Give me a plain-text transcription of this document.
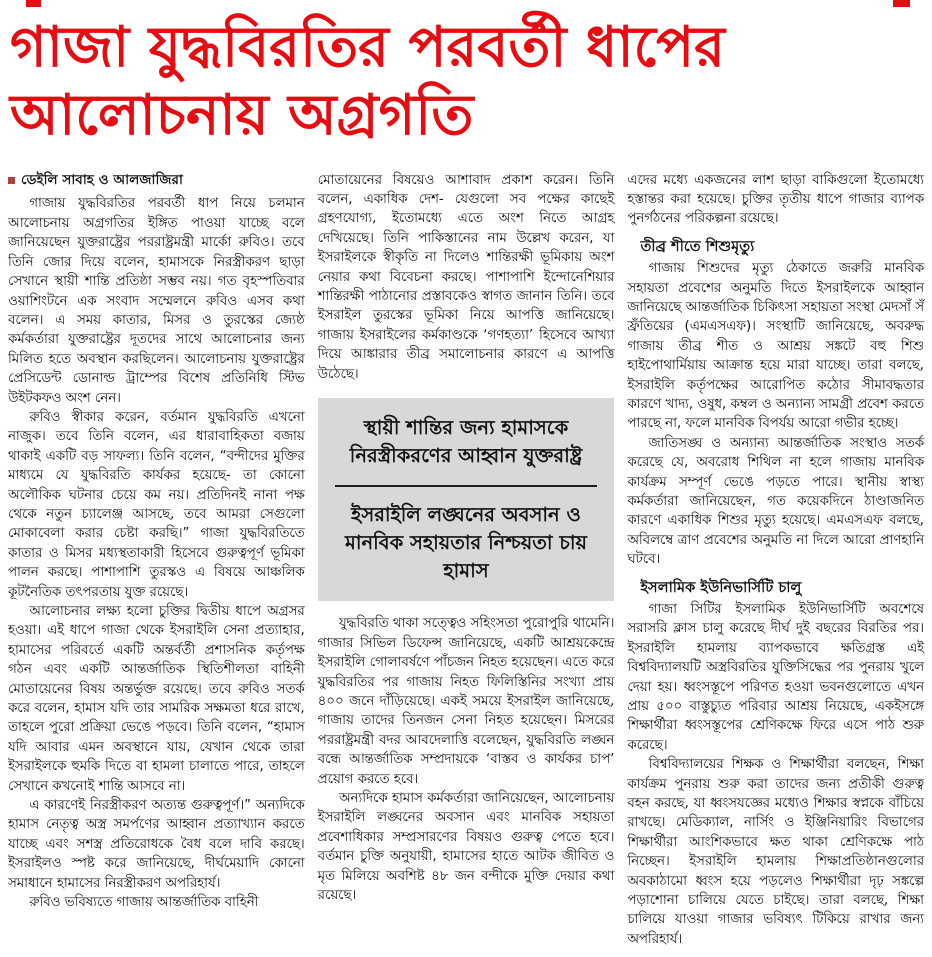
গাজা যুদ্ধবিরতির পরবর্তী ধাপের
আলোচনায় অগ্রগতি
ডেইলি সাবাহ ও আলজাজিরা

গাজায় যুদ্ধবিরতির পরবর্তী ধাপ নিয়ে চলমান আলোচনায় অগ্রগতির ইঙ্গিত পাওয়া যাচ্ছে বলে জানিয়েছেন যুক্তরাষ্ট্রের পররাষ্ট্রমন্ত্রী মার্কো রুবিও। তবে তিনি জোর দিয়ে বলেন, হামাসকে নিরস্ত্রীকরণ ছাড়া সেখানে স্থায়ী শান্তি প্রতিষ্ঠা সম্ভব নয়। গত বৃহস্পতিবার ওয়াশিংটনে এক সংবাদ সম্মেলনে রুবিও এসব কথা বলেন। এ সময় কাতার, মিসর ও তুরস্কের জ্যেষ্ঠ কর্মকর্তারা যুক্তরাষ্ট্রের দূতদের সাথে আলোচনার জন্য মিলিত হতে অবস্থান করছিলেন। আলোচনায় যুক্তরাষ্ট্রের প্রেসিডেন্ট ডোনাল্ড ট্রাম্পের বিশেষ প্রতিনিধি স্টিভ উইটকফও অংশ নেন।

রুবিও স্বীকার করেন, বর্তমান যুদ্ধবিরতি এখনো নাজুক। তবে তিনি বলেন, এর ধারাবাহিকতা বজায় থাকাই একটি বড় সাফল্য। তিনি বলেন, “বন্দীদের মুক্তির মাধ্যমে যে যুদ্ধবিরতি কার্যকর হয়েছে- তা কোনো অলৌকিক ঘটনার চেয়ে কম নয়। প্রতিদিনই নানা পক্ষ থেকে নতুন চ্যালেঞ্জ আসছে, তবে আমরা সেগুলো মোকাবেলা করার চেষ্টা করছি।” গাজা যুদ্ধবিরতিতে কাতার ও মিসর মধ্যস্থতাকারী হিসেবে গুরুত্বপূর্ণ ভূমিকা পালন করছে। পাশাপাশি তুরস্কও এ বিষয়ে আঞ্চলিক কূটনৈতিক তৎপরতায় যুক্ত রয়েছে।

আলোচনার লক্ষ্য হলো চুক্তির দ্বিতীয় ধাপে অগ্রসর হওয়া। এই ধাপে গাজা থেকে ইসরাইলি সেনা প্রত্যাহার, হামাসের পরিবর্তে একটি অন্তর্বর্তী প্রশাসনিক কর্তৃপক্ষ গঠন এবং একটি আন্তর্জাতিক স্থিতিশীলতা বাহিনী মোতায়েনের বিষয় অন্তর্ভুক্ত রয়েছে। তবে রুবিও সতর্ক করে বলেন, হামাস যদি তার সামরিক সক্ষমতা ধরে রাখে, তাহলে পুরো প্রক্রিয়া ভেঙে পড়বে। তিনি বলেন, “হামাস যদি আবার এমন অবস্থানে যায়, যেখান থেকে তারা ইসরাইলকে হুমকি দিতে বা হামলা চালাতে পারে, তাহলে সেখানে কখনোই শান্তি আসবে না।

এ কারণেই নিরস্ত্রীকরণ অত্যন্ত গুরুত্বপূর্ণ।” অন্যদিকে হামাস নেতৃত্ব অস্ত্র সমর্পণের আহ্বান প্রত্যাখ্যান করতে যাচ্ছে এবং সশস্ত্র প্রতিরোধকে বৈধ বলে দাবি করছে। ইসরাইলও স্পষ্ট করে জানিয়েছে, দীর্ঘমেয়াদি কোনো সমাধানে হামাসের নিরস্ত্রীকরণ অপরিহার্য।

রুবিও ভবিষ্যতে গাজায় আন্তর্জাতিক বাহিনী

মোতায়েনের বিষয়েও আশাবাদ প্রকাশ করেন। তিনি বলেন, একাধিক দেশ- যেগুলো সব পক্ষের কাছেই গ্রহণযোগ্য, ইতোমধ্যে এতে অংশ নিতে আগ্রহ দেখিয়েছে। তিনি পাকিস্তানের নাম উল্লেখ করেন, যা ইসরাইলকে স্বীকৃতি না দিলেও শান্তিরক্ষী ভূমিকায় অংশ নেয়ার কথা বিবেচনা করছে। পাশাপাশি ইন্দোনেশিয়ার শান্তিরক্ষী পাঠানোর প্রস্তাবকেও স্বাগত জানান তিনি। তবে ইসরাইল তুরস্কের ভূমিকা নিয়ে আপত্তি জানিয়েছে। গাজায় ইসরাইলের কর্মকাণ্ডকে ‘গণহত্যা’ হিসেবে আখ্যা দিয়ে আঙ্কারার তীব্র সমালোচনার কারণে এ আপত্তি উঠেছে।

স্থায়ী শান্তির জন্য হামাসকে নিরস্ত্রীকরণের আহ্বান যুক্তরাষ্ট্র
ইসরাইলি লঙ্ঘনের অবসান ও মানবিক সহায়তার নিশ্চয়তা চায় হামাস

যুদ্ধবিরতি থাকা সত্ত্বেও সহিংসতা পুরোপুরি থামেনি। গাজার সিভিল ডিফেন্স জানিয়েছে, একটি আশ্রয়কেন্দ্রে ইসরাইলি গোলাবর্ষণে পাঁচজন নিহত হয়েছেন। এতে করে যুদ্ধবিরতির পর গাজায় নিহত ফিলিস্তিনির সংখ্যা প্রায় ৪০০ জনে দাঁড়িয়েছে। একই সময়ে ইসরাইল জানিয়েছে, গাজায় তাদের তিনজন সেনা নিহত হয়েছেন। মিসরের পররাষ্ট্রমন্ত্রী বদর আবদেলাত্তি বলেছেন, যুদ্ধবিরতি লঙ্ঘন বন্ধে আন্তর্জাতিক সম্প্রদায়কে ‘বাস্তব ও কার্যকর চাপ’ প্রয়োগ করতে হবে।

অন্যদিকে হামাস কর্মকর্তারা জানিয়েছেন, আলোচনায় ইসরাইলি লঙ্ঘনের অবসান এবং মানবিক সহায়তা প্রবেশাধিকার সম্প্রসারণের বিষয়ও গুরুত্ব পেতে হবে। বর্তমান চুক্তি অনুযায়ী, হামাসের হাতে আটক জীবিত ও মৃত মিলিয়ে অবশিষ্ট ৪৮ জন বন্দীকে মুক্তি দেয়ার কথা রয়েছে।

এদের মধ্যে একজনের লাশ ছাড়া বাকিগুলো ইতোমধ্যে হস্তান্তর করা হয়েছে। চুক্তির তৃতীয় ধাপে গাজার ব্যাপক পুনর্গঠনের পরিকল্পনা রয়েছে।

তীব্র শীতে শিশুমৃত্যু

গাজায় শিশুদের মৃত্যু ঠেকাতে জরুরি মানবিক সহায়তা প্রবেশের অনুমতি দিতে ইসরাইলকে আহ্বান জানিয়েছে আন্তর্জাতিক চিকিৎসা সহায়তা সংস্থা মেদসাঁ সঁ ফ্রঁতিয়ের (এমএসএফ)। সংস্থাটি জানিয়েছে, অবরুদ্ধ গাজায় তীব্র শীত ও আশ্রয় সঙ্কটে বহু শিশু হাইপোথার্মিয়ায় আক্রান্ত হয়ে মারা যাচ্ছে। তারা বলছে, ইসরাইলি কর্তৃপক্ষের আরোপিত কঠোর সীমাবদ্ধতার কারণে খাদ্য, ওষুধ, কম্বল ও অন্যান্য সামগ্রী প্রবেশ করতে পারছে না, ফলে মানবিক বিপর্যয় আরো গভীর হচ্ছে।

জাতিসঙ্ঘ ও অন্যান্য আন্তর্জাতিক সংস্থাও সতর্ক করেছে যে, অবরোধ শিথিল না হলে গাজায় মানবিক কার্যক্রম সম্পূর্ণ ভেঙে পড়তে পারে। স্থানীয় স্বাস্থ্য কর্মকর্তারা জানিয়েছেন, গত কয়েকদিনে ঠাণ্ডাজনিত কারণে একাধিক শিশুর মৃত্যু হয়েছে। এমএসএফ বলছে, অবিলম্বে ত্রাণ প্রবেশের অনুমতি না দিলে আরো প্রাণহানি ঘটবে।

ইসলামিক ইউনিভার্সিটি চালু

গাজা সিটির ইসলামিক ইউনিভার্সিটি অবশেষে সরাসরি ক্লাস চালু করেছে দীর্ঘ দুই বছরের বিরতির পর। ইসরাইলি হামলায় ব্যাপকভাবে ক্ষতিগ্রস্ত এই বিশ্ববিদ্যালয়টি অস্ত্রবিরতির যুক্তিসিদ্ধের পর পুনরায় খুলে দেয়া হয়। ধ্বংসস্তূপে পরিণত হওয়া ভবনগুলোতে এখন প্রায় ৫০০ বাস্তুচ্যুত পরিবার আশ্রয় নিয়েছে, একইসঙ্গে শিক্ষার্থীরা ধ্বংসস্তূপের শ্রেণিকক্ষে ফিরে এসে পাঠ শুরু করেছে।

বিশ্ববিদ্যালয়ের শিক্ষক ও শিক্ষার্থীরা বলছেন, শিক্ষা কার্যক্রম পুনরায় শুরু করা তাদের জন্য প্রতীকী গুরুত্ব বহন করছে, যা ধ্বংসযজ্ঞের মধ্যেও শিক্ষার স্বপ্নকে বাঁচিয়ে রাখছে। মেডিক্যাল, নার্সিং ও ইঞ্জিনিয়ারিং বিভাগের শিক্ষার্থীরা আংশিকভাবে ক্ষত থাকা শ্রেণিকক্ষে পাঠ নিচ্ছেন। ইসরাইলি হামলায় শিক্ষাপ্রতিষ্ঠানগুলোর অবকাঠামো ধ্বংস হয়ে পড়লেও শিক্ষার্থীরা দৃঢ় সঙ্কল্পে পড়াশোনা চালিয়ে যেতে চাইছে। তারা বলছে, শিক্ষা চালিয়ে যাওয়া গাজার ভবিষ্যৎ টিকিয়ে রাখার জন্য অপরিহার্য।
